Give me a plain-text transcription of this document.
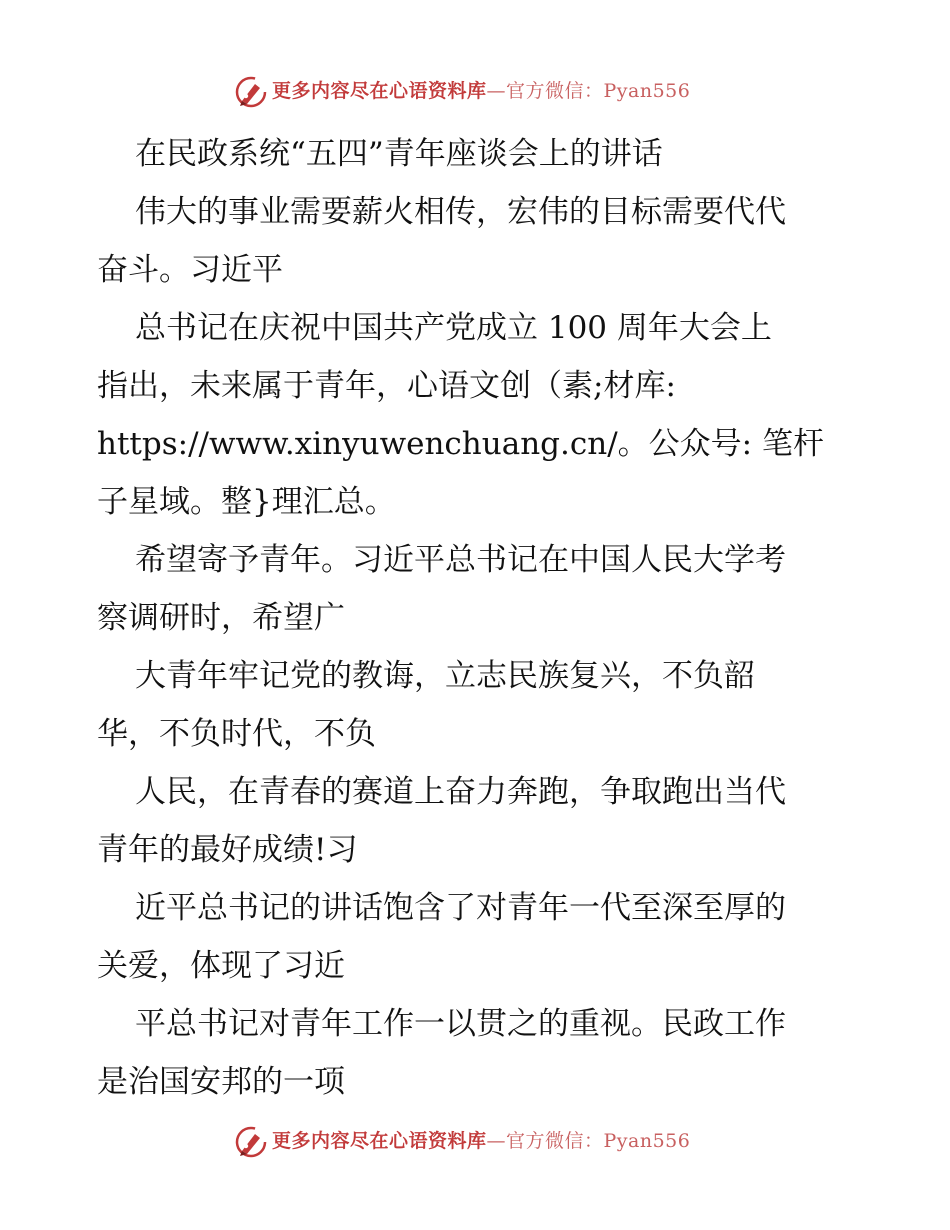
更多内容尽在心语资料库—官方微信：Pyan556

在民政系统“五四”青年座谈会上的讲话

伟大的事业需要薪火相传，宏伟的目标需要代代

奋斗。习近平

总书记在庆祝中国共产党成立 100 周年大会上

指出，未来属于青年，心语文创（素;材库:

https://www.xinyuwenchuang.cn/。公众号: 笔杆

子星域。整}理汇总。

希望寄予青年。习近平总书记在中国人民大学考

察调研时，希望广

大青年牢记党的教诲，立志民族复兴，不负韶

华，不负时代，不负

人民，在青春的赛道上奋力奔跑，争取跑出当代

青年的最好成绩!习

近平总书记的讲话饱含了对青年一代至深至厚的

关爱，体现了习近

平总书记对青年工作一以贯之的重视。民政工作

是治国安邦的一项

更多内容尽在心语资料库—官方微信：Pyan556
